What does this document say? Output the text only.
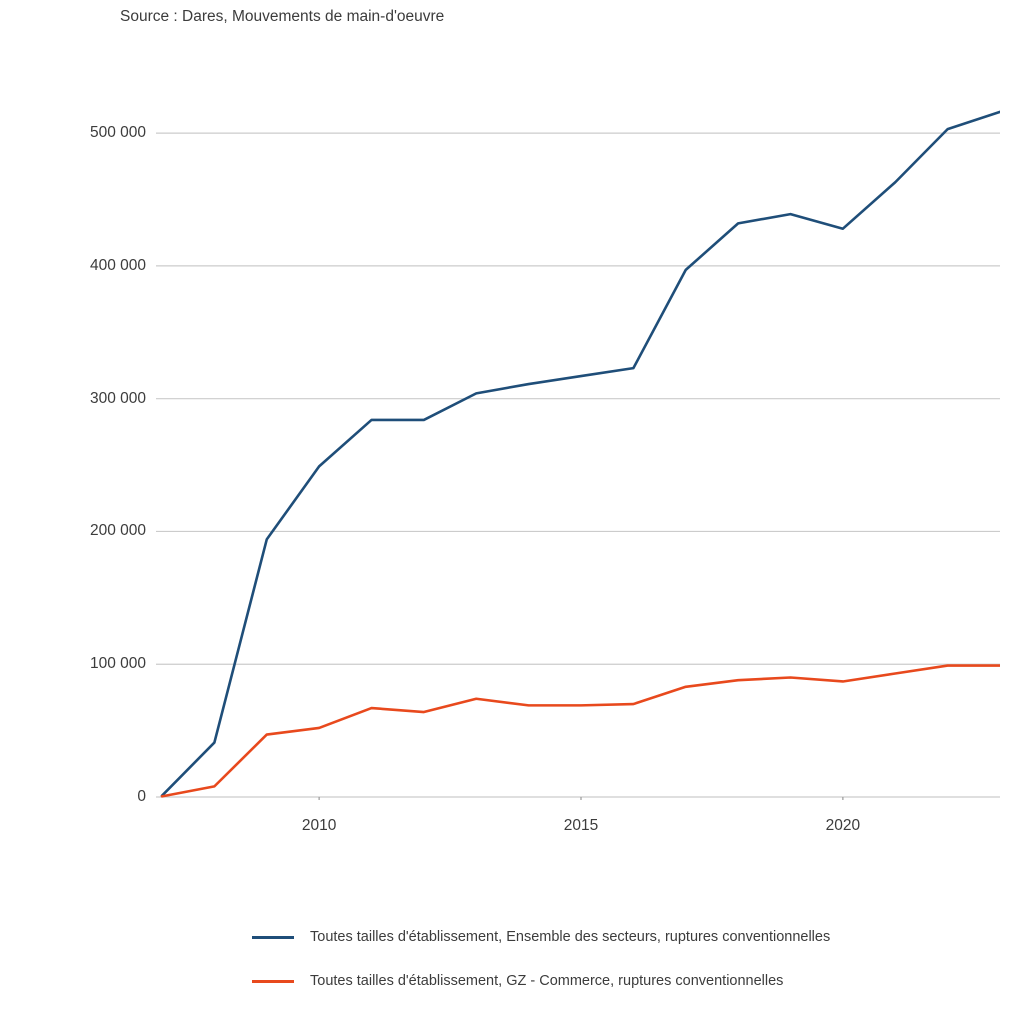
Source : Dares, Mouvements de main-d'oeuvre
0
100 000
200 000
300 000
400 000
500 000
2010	2015	2020
Toutes tailles d'établissement, Ensemble des secteurs, ruptures conventionnelles
Toutes tailles d'établissement, GZ - Commerce, ruptures conventionnelles
